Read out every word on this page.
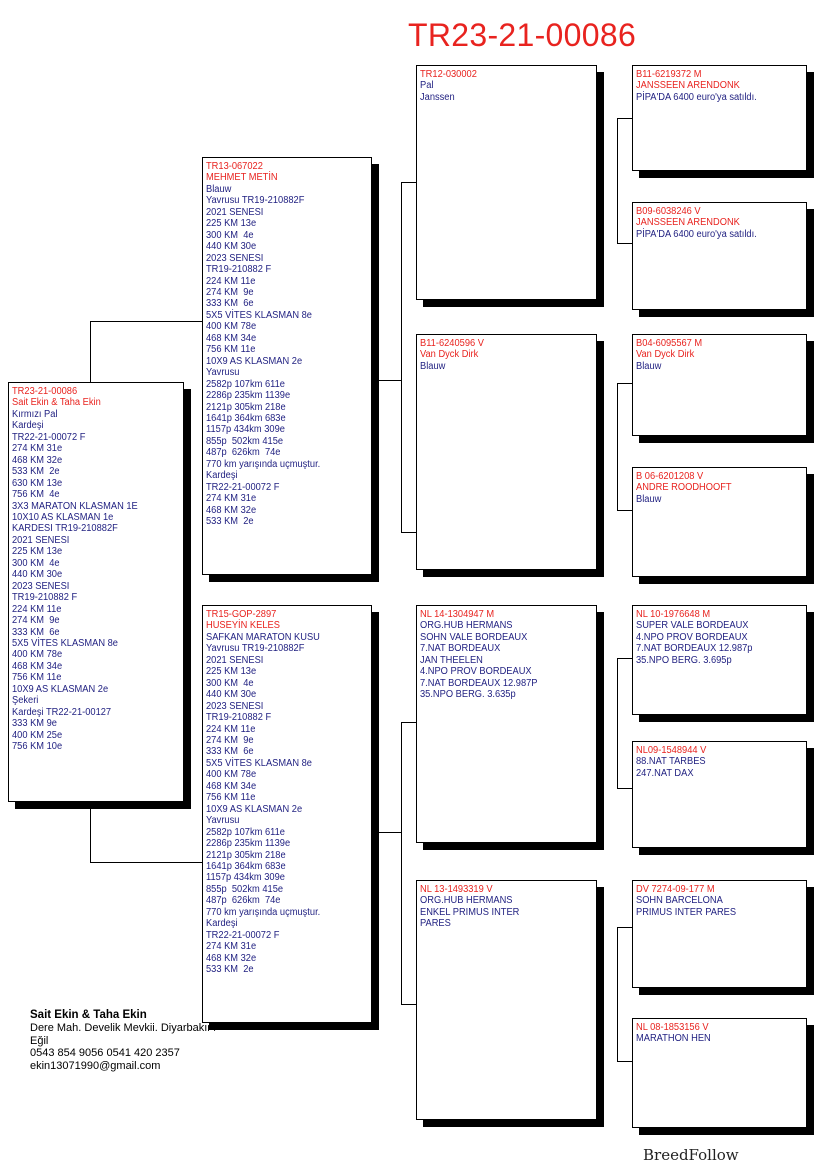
TR23-21-00086
TR23-21-00086
Sait Ekin & Taha Ekin
Kırmızı Pal
Kardeşi
TR22-21-00072 F
274 KM 31e
468 KM 32e
533 KM  2e
630 KM 13e
756 KM  4e
3X3 MARATON KLASMAN 1E
10X10 AS KLASMAN 1e
KARDESI TR19-210882F
2021 SENESI
225 KM 13e
300 KM  4e
440 KM 30e
2023 SENESI
TR19-210882 F
224 KM 11e
274 KM  9e
333 KM  6e
5X5 VİTES KLASMAN 8e
400 KM 78e
468 KM 34e
756 KM 11e
10X9 AS KLASMAN 2e
Şekeri
Kardeşi TR22-21-00127
333 KM 9e
400 KM 25e
756 KM 10e
TR13-067022
MEHMET METİN
Blauw
Yavrusu TR19-210882F
2021 SENESI
225 KM 13e
300 KM  4e
440 KM 30e
2023 SENESI
TR19-210882 F
224 KM 11e
274 KM  9e
333 KM  6e
5X5 VİTES KLASMAN 8e
400 KM 78e
468 KM 34e
756 KM 11e
10X9 AS KLASMAN 2e
Yavrusu
2582p 107km 611e
2286p 235km 1139e
2121p 305km 218e
1641p 364km 683e
1157p 434km 309e
855p  502km 415e
487p  626km  74e
770 km yarışında uçmuştur.
Kardeşi
TR22-21-00072 F
274 KM 31e
468 KM 32e
533 KM  2e
TR15-GOP-2897
HUSEYİN KELES
SAFKAN MARATON KUSU
Yavrusu TR19-210882F
2021 SENESI
225 KM 13e
300 KM  4e
440 KM 30e
2023 SENESI
TR19-210882 F
224 KM 11e
274 KM  9e
333 KM  6e
5X5 VİTES KLASMAN 8e
400 KM 78e
468 KM 34e
756 KM 11e
10X9 AS KLASMAN 2e
Yavrusu
2582p 107km 611e
2286p 235km 1139e
2121p 305km 218e
1641p 364km 683e
1157p 434km 309e
855p  502km 415e
487p  626km  74e
770 km yarışında uçmuştur.
Kardeşi
TR22-21-00072 F
274 KM 31e
468 KM 32e
533 KM  2e
TR12-030002
Pal
Janssen
B11-6240596 V
Van Dyck Dirk
Blauw
NL 14-1304947 M
ORG.HUB HERMANS
SOHN VALE BORDEAUX
7.NAT BORDEAUX
JAN THEELEN
4.NPO PROV BORDEAUX
7.NAT BORDEAUX 12.987P
35.NPO BERG. 3.635p
NL 13-1493319 V
ORG.HUB HERMANS
ENKEL PRIMUS INTER
PARES
B11-6219372 M
JANSSEEN ARENDONK
PİPA'DA 6400 euro'ya satıldı.
B09-6038246 V
JANSSEEN ARENDONK
PİPA'DA 6400 euro'ya satıldı.
B04-6095567 M
Van Dyck Dirk
Blauw
B 06-6201208 V
ANDRE ROODHOOFT
Blauw
NL 10-1976648 M
SUPER VALE BORDEAUX
4.NPO PROV BORDEAUX
7.NAT BORDEAUX 12.987p
35.NPO BERG. 3.695p
NL09-1548944 V
88.NAT TARBES
247.NAT DAX
DV 7274-09-177 M
SOHN BARCELONA
PRIMUS INTER PARES
NL 08-1853156 V
MARATHON HEN
Sait Ekin & Taha Ekin
Dere Mah. Develik Mevkii. Diyarbakır /
Eğil
0543 854 9056 0541 420 2357
ekin13071990@gmail.com
BreedFollow
